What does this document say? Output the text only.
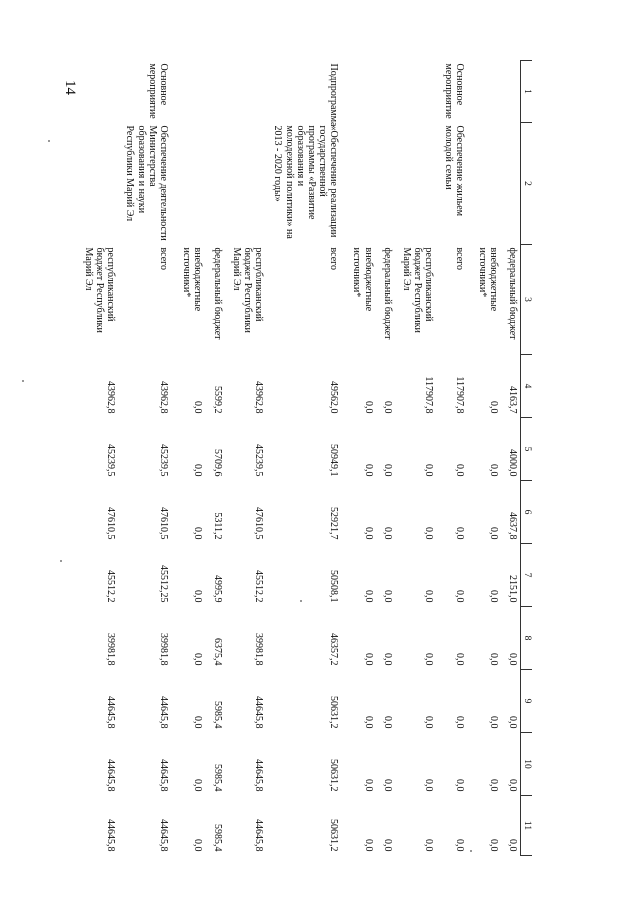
14	1	2	3	4	5	6	7	8	9	10	11
		федеральный бюджет	4163,7	4000,0	4637,8	2151,0	0,0	0,0	0,0	0,0
		внебюджетные источники*	0,0	0,0	0,0	0,0	0,0	0,0	0,0	0,0
Основное мероприятие	Обеспечение жильем молодой семьи	всего	117907,8	0,0	0,0	0,0	0,0	0,0	0,0	0,0
		республиканский бюджет Республики Марий Эл	117907,8	0,0	0,0	0,0	0,0	0,0	0,0	0,0
		федеральный бюджет	0,0	0,0	0,0	0,0	0,0	0,0	0,0	0,0
		внебюджетные источники*	0,0	0,0	0,0	0,0	0,0	0,0	0,0	0,0
Подпрограмма	«Обеспечение реализации государственной программы «Развитие образования и молодежной политики» на 2013 - 2020 годы»	всего	49562,0	50949,1	52921,7	50508,1	46357,2	50631,2	50631,2	50631,2
		республиканский бюджет Республики Марий Эл	43962,8	45239,5	47610,5	45512,2	39981,8	44645,8	44645,8	44645,8
		федеральный бюджет	5599,2	5709,6	5311,2	4995,9	6375,4	5985,4	5985,4	5985,4
		внебюджетные источники*	0,0	0,0	0,0	0,0	0,0	0,0	0,0	0,0
Основное мероприятие	Обеспечение деятельности Министерства образования и науки Республики Марий Эл	всего	43962,8	45239,5	47610,5	45512,25	39981,8	44645,8	44645,8	44645,8
		республиканский бюджет Республики Марий Эл	43962,8	45239,5	47610,5	45512,2	39981,8	44645,8	44645,8	44645,8
